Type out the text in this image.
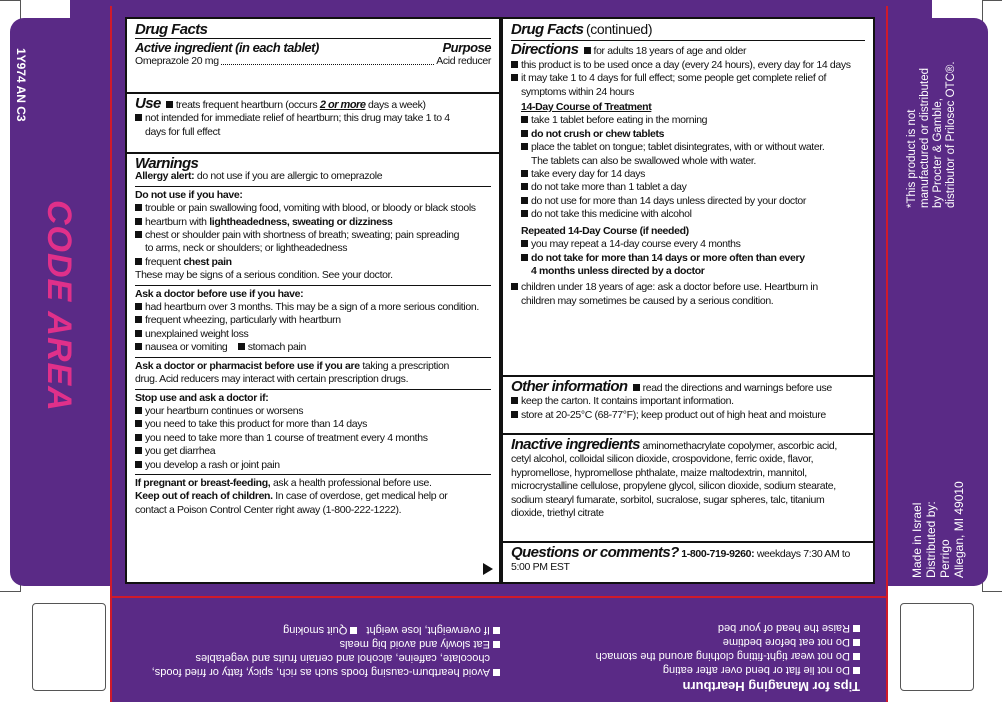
1Y974 AN C3
CODE AREA
*This product is not manufactured or distributed by Procter & Gamble, distributor of Prilosec OTC®.
Made in Israel Distributed by: Perrigo Allegan, MI 49010
Drug Facts
Active ingredient (in each tablet)	Purpose
Omeprazole 20 mg	Acid reducer
Use treats frequent heartburn (occurs 2 or more days a week)
not intended for immediate relief of heartburn; this drug may take 1 to 4
days for full effect
Warnings
Allergy alert: do not use if you are allergic to omeprazole
Do not use if you have:
trouble or pain swallowing food, vomiting with blood, or bloody or black stools
heartburn with lightheadedness, sweating or dizziness
chest or shoulder pain with shortness of breath; sweating; pain spreading
to arms, neck or shoulders; or lightheadedness
frequent chest pain
These may be signs of a serious condition. See your doctor.
Ask a doctor before use if you have:
had heartburn over 3 months. This may be a sign of a more serious condition.
frequent wheezing, particularly with heartburn
unexplained weight loss
nausea or vomiting stomach pain
Ask a doctor or pharmacist before use if you are taking a prescription
drug. Acid reducers may interact with certain prescription drugs.
Stop use and ask a doctor if:
your heartburn continues or worsens
you need to take this product for more than 14 days
you need to take more than 1 course of treatment every 4 months
you get diarrhea
you develop a rash or joint pain
If pregnant or breast-feeding, ask a health professional before use.
Keep out of reach of children. In case of overdose, get medical help or
contact a Poison Control Center right away (1-800-222-1222).
Drug Facts (continued)
Directions for adults 18 years of age and older
this product is to be used once a day (every 24 hours), every day for 14 days
it may take 1 to 4 days for full effect; some people get complete relief of
symptoms within 24 hours
14-Day Course of Treatment
take 1 tablet before eating in the morning
do not crush or chew tablets
place the tablet on tongue; tablet disintegrates, with or without water.
The tablets can also be swallowed whole with water.
take every day for 14 days
do not take more than 1 tablet a day
do not use for more than 14 days unless directed by your doctor
do not take this medicine with alcohol
Repeated 14-Day Course (if needed)
you may repeat a 14-day course every 4 months
do not take for more than 14 days or more often than every
4 months unless directed by a doctor
children under 18 years of age: ask a doctor before use. Heartburn in
children may sometimes be caused by a serious condition.
Other information read the directions and warnings before use
keep the carton. It contains important information.
store at 20-25°C (68-77°F); keep product out of high heat and moisture
Inactive ingredients aminomethacrylate copolymer, ascorbic acid,
cetyl alcohol, colloidal silicon dioxide, crospovidone, ferric oxide, flavor,
hypromellose, hypromellose phthalate, maize maltodextrin, mannitol,
microcrystalline cellulose, propylene glycol, silicon dioxide, sodium stearate,
sodium stearyl fumarate, sorbitol, sucralose, sugar spheres, talc, titanium
dioxide, triethyl citrate
Questions or comments? 1-800-719-9260: weekdays 7:30 AM to
5:00 PM EST
Tips for Managing Heartburn
Do not lie flat or bend over after eating
Do not wear tight-fitting clothing around the stomach
Do not eat before bedtime
Raise the head of your bed
Avoid heartburn-causing foods such as rich, spicy, fatty or fried foods,
chocolate, caffeine, alcohol and certain fruits and vegetables
Eat slowly and avoid big meals
If overweight, lose weight   Quit smoking
